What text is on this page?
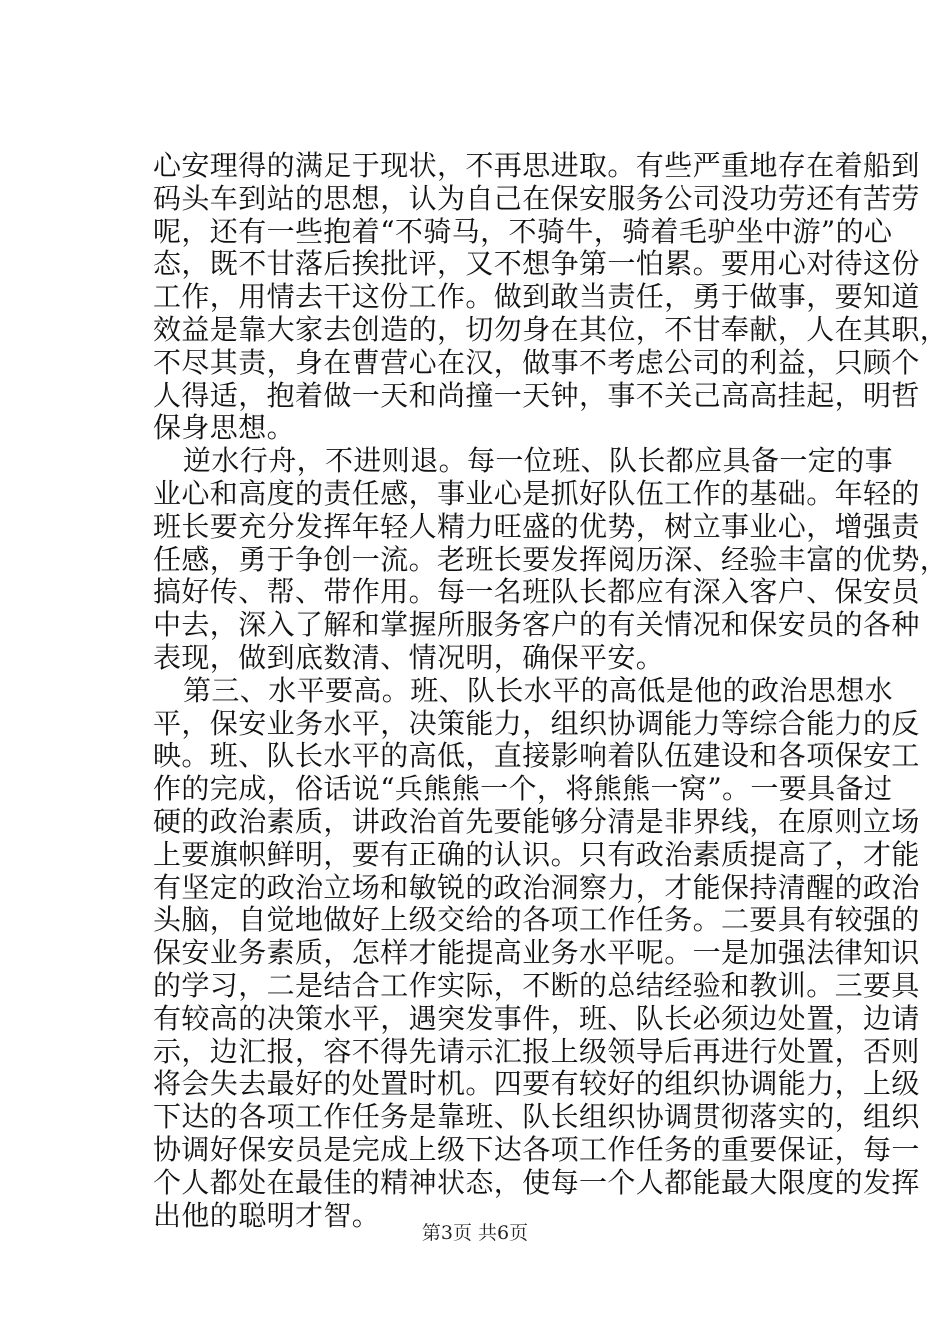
心安理得的满足于现状，不再思进取。有些严重地存在着船到
码头车到站的思想，认为自己在保安服务公司没功劳还有苦劳
呢，还有一些抱着“不骑马，不骑牛，骑着毛驴坐中游”的心
态，既不甘落后挨批评，又不想争第一怕累。要用心对待这份
工作，用情去干这份工作。做到敢当责任，勇于做事，要知道
效益是靠大家去创造的，切勿身在其位，不甘奉献，人在其职，
不尽其责，身在曹营心在汉，做事不考虑公司的利益，只顾个
人得适，抱着做一天和尚撞一天钟，事不关己高高挂起，明哲
保身思想。
逆水行舟，不进则退。每一位班、队长都应具备一定的事
业心和高度的责任感，事业心是抓好队伍工作的基础。年轻的
班长要充分发挥年轻人精力旺盛的优势，树立事业心，增强责
任感，勇于争创一流。老班长要发挥阅历深、经验丰富的优势，
搞好传、帮、带作用。每一名班队长都应有深入客户、保安员
中去，深入了解和掌握所服务客户的有关情况和保安员的各种
表现，做到底数清、情况明，确保平安。
第三、水平要高。班、队长水平的高低是他的政治思想水
平，保安业务水平，决策能力，组织协调能力等综合能力的反
映。班、队长水平的高低，直接影响着队伍建设和各项保安工
作的完成，俗话说“兵熊熊一个，将熊熊一窝”。一要具备过
硬的政治素质，讲政治首先要能够分清是非界线，在原则立场
上要旗帜鲜明，要有正确的认识。只有政治素质提高了，才能
有坚定的政治立场和敏锐的政治洞察力，才能保持清醒的政治
头脑，自觉地做好上级交给的各项工作任务。二要具有较强的
保安业务素质，怎样才能提高业务水平呢。一是加强法律知识
的学习，二是结合工作实际，不断的总结经验和教训。三要具
有较高的决策水平，遇突发事件，班、队长必须边处置，边请
示，边汇报，容不得先请示汇报上级领导后再进行处置，否则
将会失去最好的处置时机。四要有较好的组织协调能力，上级
下达的各项工作任务是靠班、队长组织协调贯彻落实的，组织
协调好保安员是完成上级下达各项工作任务的重要保证，每一
个人都处在最佳的精神状态，使每一个人都能最大限度的发挥
出他的聪明才智。
第3页 共6页
